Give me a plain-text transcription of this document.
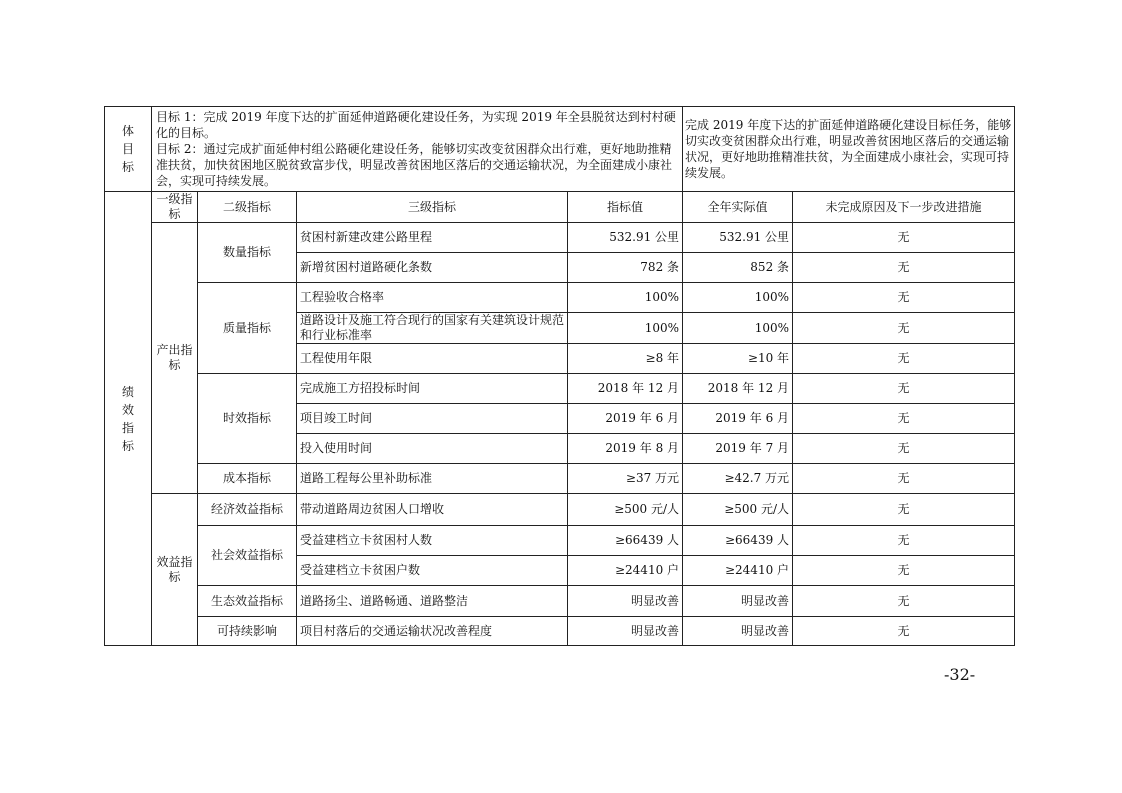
体目标	目标 1：完成 2019 年度下达的扩面延伸道路硬化建设任务，为实现 2019 年全县脱贫达到村村硬化的目标。
目标 2：通过完成扩面延伸村组公路硬化建设任务，能够切实改变贫困群众出行难，更好地助推精准扶贫，加快贫困地区脱贫致富步伐，明显改善贫困地区落后的交通运输状况，为全面建成小康社会，实现可持续发展。				完成 2019 年度下达的扩面延伸道路硬化建设目标任务，能够切实改变贫困群众出行难，明显改善贫困地区落后的交通运输状况，更好地助推精准扶贫，为全面建成小康社会，实现可持续发展。	

绩效指标	一级指标	二级指标	三级指标	指标值	全年实际值	未完成原因及下一步改进措施
	产出指标	数量指标	贫困村新建改建公路里程	532.91 公里	532.91 公里	无
			新增贫困村道路硬化条数	782 条	852 条	无
		质量指标	工程验收合格率	100%	100%	无
			道路设计及施工符合现行的国家有关建筑设计规范和行业标准率	100%	100%	无
			工程使用年限	≥8 年	≥10 年	无
		时效指标	完成施工方招投标时间	2018 年 12 月	2018 年 12 月	无
			项目竣工时间	2019 年 6 月	2019 年 6 月	无
			投入使用时间	2019 年 8 月	2019 年 7 月	无
		成本指标	道路工程每公里补助标准	≥37 万元	≥42.7 万元	无
	效益指标	经济效益指标	带动道路周边贫困人口增收	≥500 元/人	≥500 元/人	无
		社会效益指标	受益建档立卡贫困村人数	≥66439 人	≥66439 人	无
			受益建档立卡贫困户数	≥24410 户	≥24410 户	无
		生态效益指标	道路扬尘、道路畅通、道路整洁	明显改善	明显改善	无
		可持续影响	项目村落后的交通运输状况改善程度	明显改善	明显改善	无
-32-
